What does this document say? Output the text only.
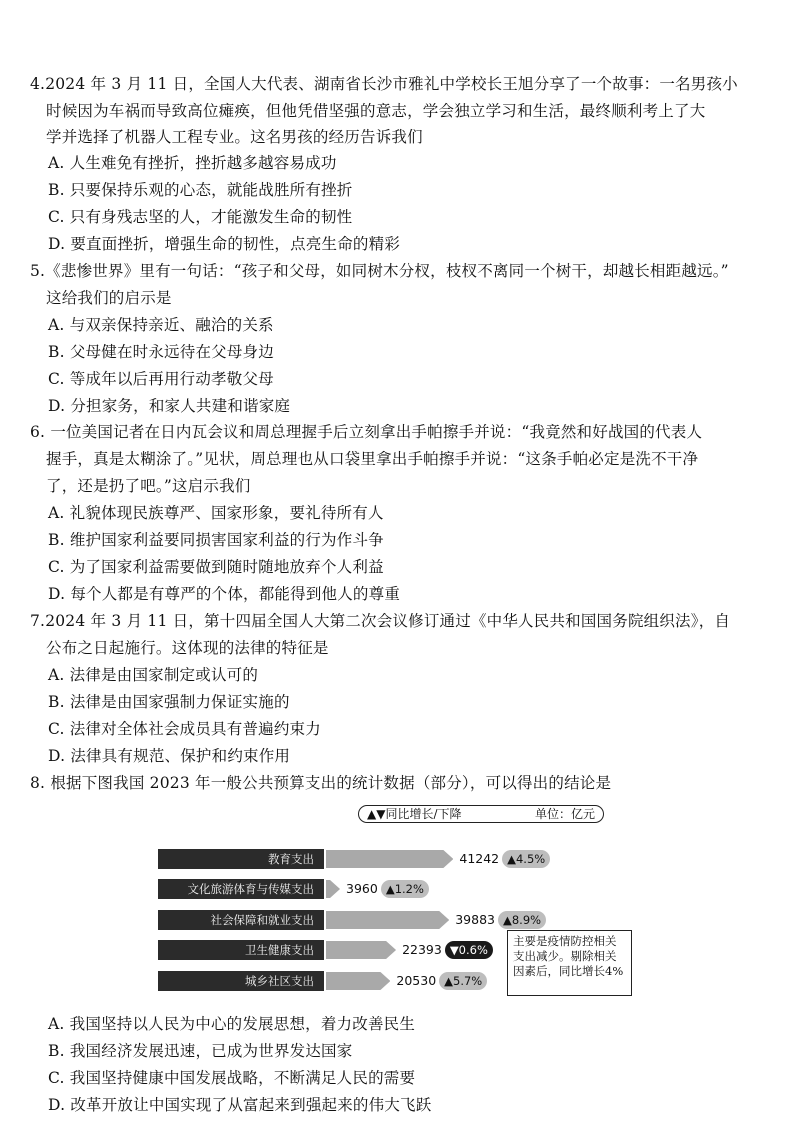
4.2024 年 3 月 11 日，全国人大代表、湖南省长沙市雅礼中学校长王旭分享了一个故事：一名男孩小
时候因为车祸而导致高位瘫痪，但他凭借坚强的意志，学会独立学习和生活，最终顺利考上了大
学并选择了机器人工程专业。这名男孩的经历告诉我们
A. 人生难免有挫折，挫折越多越容易成功
B. 只要保持乐观的心态，就能战胜所有挫折
C. 只有身残志坚的人，才能激发生命的韧性
D. 要直面挫折，增强生命的韧性，点亮生命的精彩
5.《悲惨世界》里有一句话：“孩子和父母，如同树木分杈，枝杈不离同一个树干，却越长相距越远。”
这给我们的启示是
A. 与双亲保持亲近、融洽的关系
B. 父母健在时永远待在父母身边
C. 等成年以后再用行动孝敬父母
D. 分担家务，和家人共建和谐家庭
6. 一位美国记者在日内瓦会议和周总理握手后立刻拿出手帕擦手并说：“我竟然和好战国的代表人
握手，真是太糊涂了。”见状，周总理也从口袋里拿出手帕擦手并说：“这条手帕必定是洗不干净
了，还是扔了吧。”这启示我们
A. 礼貌体现民族尊严、国家形象，要礼待所有人
B. 维护国家利益要同损害国家利益的行为作斗争
C. 为了国家利益需要做到随时随地放弃个人利益
D. 每个人都是有尊严的个体，都能得到他人的尊重
7.2024 年 3 月 11 日，第十四届全国人大第二次会议修订通过《中华人民共和国国务院组织法》，自
公布之日起施行。这体现的法律的特征是
A. 法律是由国家制定或认可的
B. 法律是由国家强制力保证实施的
C. 法律对全体社会成员具有普遍约束力
D. 法律具有规范、保护和约束作用
8. 根据下图我国 2023 年一般公共预算支出的统计数据（部分），可以得出的结论是
▲▼同比增长/下降	单位：亿元
教育支出	41242 ▲4.5%
文化旅游体育与传媒支出	3960 ▲1.2%
社会保障和就业支出	39883 ▲8.9%
卫生健康支出	22393 ▼0.6%
城乡社区支出	20530 ▲5.7%
主要是疫情防控相关支出减少。剔除相关因素后，同比增长4%
A. 我国坚持以人民为中心的发展思想，着力改善民生
B. 我国经济发展迅速，已成为世界发达国家
C. 我国坚持健康中国发展战略，不断满足人民的需要
D. 改革开放让中国实现了从富起来到强起来的伟大飞跃
